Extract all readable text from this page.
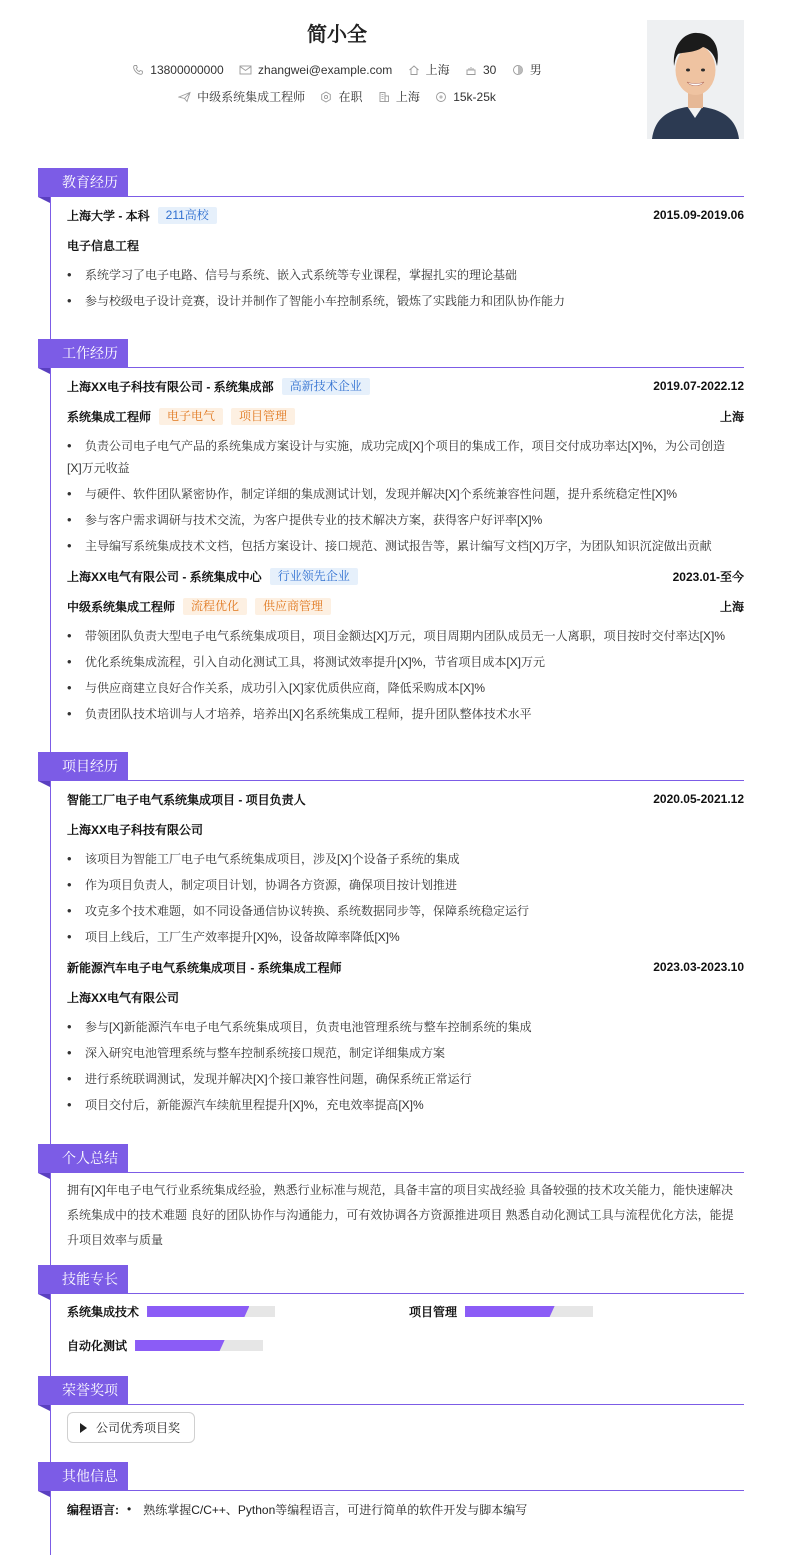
简小全
13800000000
	zhangwei@example.com
	上海
	30
	男
中级系统集成工程师
	在职
	上海
	15k-25k
教育经历
上海大学 - 本科	211高校	2015.09-2019.06
电子信息工程
• 系统学习了电子电路、信号与系统、嵌入式系统等专业课程，掌握扎实的理论基础
• 参与校级电子设计竞赛，设计并制作了智能小车控制系统，锻炼了实践能力和团队协作能力
工作经历
上海XX电子科技有限公司 - 系统集成部	高新技术企业	2019.07-2022.12
系统集成工程师	电子电气	项目管理	上海
• 负责公司电子电气产品的系统集成方案设计与实施，成功完成[X]个项目的集成工作，项目交付成功率达[X]%，为公司创造
[X]万元收益
• 与硬件、软件团队紧密协作，制定详细的集成测试计划，发现并解决[X]个系统兼容性问题，提升系统稳定性[X]%
• 参与客户需求调研与技术交流，为客户提供专业的技术解决方案，获得客户好评率[X]%
• 主导编写系统集成技术文档，包括方案设计、接口规范、测试报告等，累计编写文档[X]万字，为团队知识沉淀做出贡献
上海XX电气有限公司 - 系统集成中心	行业领先企业	2023.01-至今
中级系统集成工程师	流程优化	供应商管理	上海
• 带领团队负责大型电子电气系统集成项目，项目金额达[X]万元，项目周期内团队成员无一人离职，项目按时交付率达[X]%
• 优化系统集成流程，引入自动化测试工具，将测试效率提升[X]%，节省项目成本[X]万元
• 与供应商建立良好合作关系，成功引入[X]家优质供应商，降低采购成本[X]%
• 负责团队技术培训与人才培养，培养出[X]名系统集成工程师，提升团队整体技术水平
项目经历
智能工厂电子电气系统集成项目 - 项目负责人	2020.05-2021.12
上海XX电子科技有限公司
• 该项目为智能工厂电子电气系统集成项目，涉及[X]个设备子系统的集成
• 作为项目负责人，制定项目计划，协调各方资源，确保项目按计划推进
• 攻克多个技术难题，如不同设备通信协议转换、系统数据同步等，保障系统稳定运行
• 项目上线后，工厂生产效率提升[X]%，设备故障率降低[X]%
新能源汽车电子电气系统集成项目 - 系统集成工程师	2023.03-2023.10
上海XX电气有限公司
• 参与[X]新能源汽车电子电气系统集成项目，负责电池管理系统与整车控制系统的集成
• 深入研究电池管理系统与整车控制系统接口规范，制定详细集成方案
• 进行系统联调测试，发现并解决[X]个接口兼容性问题，确保系统正常运行
• 项目交付后，新能源汽车续航里程提升[X]%，充电效率提高[X]%
个人总结
拥有[X]年电子电气行业系统集成经验，熟悉行业标准与规范，具备丰富的项目实战经验 具备较强的技术攻关能力，能快速解决
系统集成中的技术难题 良好的团队协作与沟通能力，可有效协调各方资源推进项目 熟悉自动化测试工具与流程优化方法，能提
升项目效率与质量
技能专长
系统集成技术	项目管理
自动化测试
荣誉奖项
公司优秀项目奖
其他信息
编程语言: • 熟练掌握C/C++、Python等编程语言，可进行简单的软件开发与脚本编写
